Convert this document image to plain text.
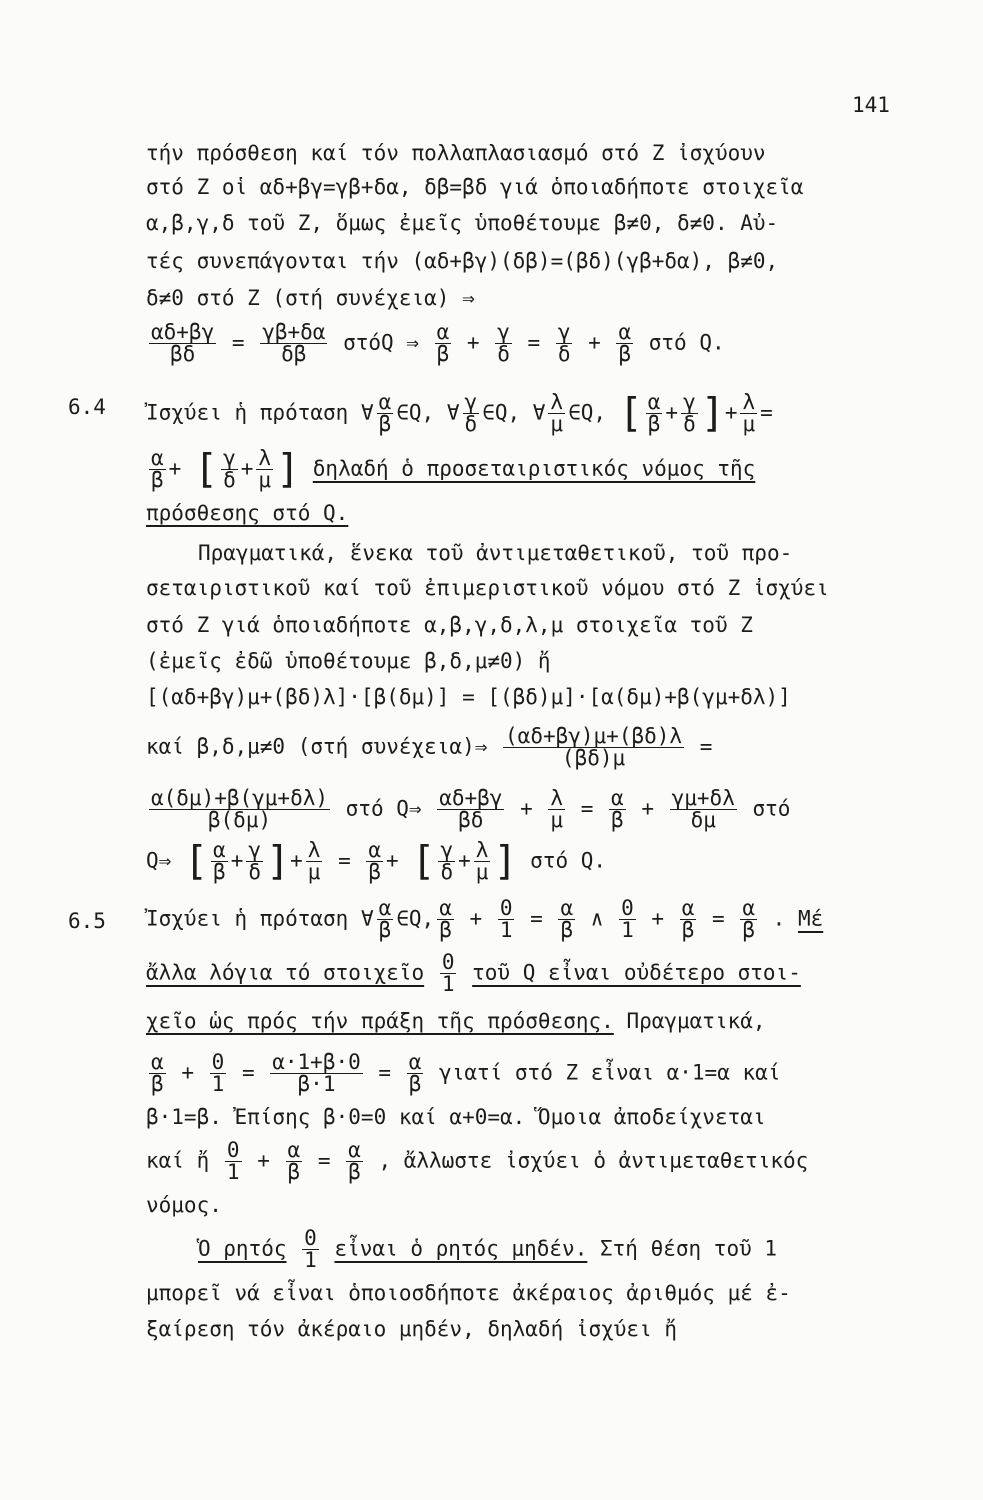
141
τήν πρόσθεση καί τόν πολλαπλασιασμό στό Z ἰσχύουν
στό Z οἱ αδ+βγ=γβ+δα, δβ=βδ γιά ὁποιαδήποτε στοιχεῖα
α,β,γ,δ τοῦ Z, ὅμως ἐμεῖς ὑποθέτουμε β≠0, δ≠0. Αὐ-
τές συνεπάγονται τήν (αδ+βγ)(δβ)=(βδ)(γβ+δα), β≠0,
δ≠0 στό Z (στή συνέχεια) ⇒
$\frac{\alpha\delta+\beta\gamma}{\beta\delta} = \frac{\gamma\beta+\delta\alpha}{\delta\beta}$ στόQ ⇒ $\frac{\alpha}{\beta} + \frac{\gamma}{\delta} = \frac{\gamma}{\delta} + \frac{\alpha}{\beta}$ στό Q.
6.4 Ἰσχύει ἡ πρόταση ∀ $\frac{\alpha}{\beta}$ ∈Q, ∀ $\frac{\gamma}{\delta}$ ∈Q, ∀ $\frac{\lambda}{\mu}$ ∈Q, [ $\frac{\alpha}{\beta} + \frac{\gamma}{\delta}$ ]+ $\frac{\lambda}{\mu}$ =
$\frac{\alpha}{\beta}$ + [ $\frac{\gamma}{\delta} + \frac{\lambda}{\mu}$ ] δηλαδή ὁ προσεταιριστικός νόμος τῆς
πρόσθεσης στό Q.
Πραγματικά, ἕνεκα τοῦ ἀντιμεταθετικοῦ, τοῦ προ-
σεταιριστικοῦ καί τοῦ ἐπιμεριστικοῦ νόμου στό Z ἰσχύει
στό Z γιά ὁποιαδήποτε α,β,γ,δ,λ,μ στοιχεῖα τοῦ Z
(ἐμεῖς ἐδῶ ὑποθέτουμε β,δ,μ≠0) ἤ
[(αδ+βγ)μ+(βδ)λ]·[β(δμ)] = [(βδ)μ]·[α(δμ)+β(γμ+δλ)]
καί β,δ,μ≠0 (στή συνέχεια)⇒ $\frac{(\alpha\delta+\beta\gamma)\mu+(\beta\delta)\lambda}{(\beta\delta)\mu}$ =
$\frac{\alpha(\delta\mu)+\beta(\gamma\mu+\delta\lambda)}{\beta(\delta\mu)}$ στό Q⇒ $\frac{\alpha\delta+\beta\gamma}{\beta\delta} + \frac{\lambda}{\mu} = \frac{\alpha}{\beta} + \frac{\gamma\mu+\delta\lambda}{\delta\mu}$ στό
Q⇒ [ $\frac{\alpha}{\beta} + \frac{\gamma}{\delta}$ ]+ $\frac{\lambda}{\mu} = \frac{\alpha}{\beta}$ + [ $\frac{\gamma}{\delta} + \frac{\lambda}{\mu}$ ] στό Q.
6.5 Ἰσχύει ἡ πρόταση ∀ $\frac{\alpha}{\beta}$ ∈Q, $\frac{\alpha}{\beta} + \frac{0}{1} = \frac{\alpha}{\beta}$ ∧ $\frac{0}{1} + \frac{\alpha}{\beta} = \frac{\alpha}{\beta}$ . Μέ
ἄλλα λόγια τό στοιχεῖο $\frac{0}{1}$ τοῦ Q εἶναι οὐδέτερο στοι-
χεῖο ὡς πρός τήν πράξη τῆς πρόσθεσης. Πραγματικά,
$\frac{\alpha}{\beta} + \frac{0}{1} = \frac{\alpha\cdot 1+\beta\cdot 0}{\beta\cdot 1} = \frac{\alpha}{\beta}$ γιατί στό Z εἶναι α·1=α καί
β·1=β. Ἐπίσης β·0=0 καί α+0=α. Ὅμοια ἀποδείχνεται
καί ἤ $\frac{0}{1} + \frac{\alpha}{\beta} = \frac{\alpha}{\beta}$ , ἄλλωστε ἰσχύει ὁ ἀντιμεταθετικός
νόμος.
Ὁ ρητός $\frac{0}{1}$ εἶναι ὁ ρητός μηδέν. Στή θέση τοῦ 1
μπορεῖ νά εἶναι ὁποιοσδήποτε ἀκέραιος ἀριθμός μέ ἐ-
ξαίρεση τόν ἀκέραιο μηδέν, δηλαδή ἰσχύει ἤ
